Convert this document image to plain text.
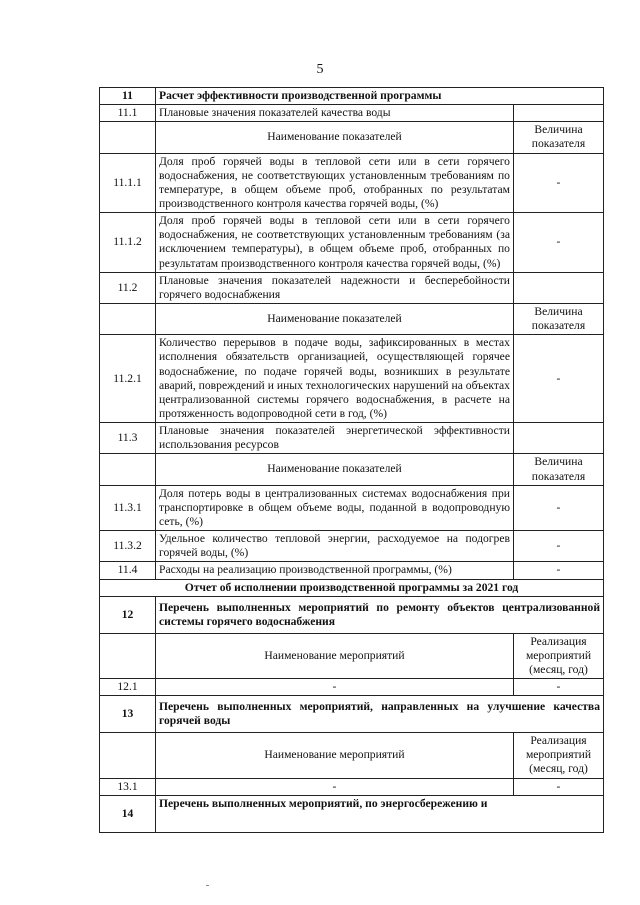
5
11	Расчет эффективности производственной программы	
11.1	Плановые значения показателей качества воды	
	Наименование показателей	Величина показателя
11.1.1	Доля проб горячей воды в тепловой сети или в сети горячего водоснабжения, не соответствующих установленным требованиям по температуре, в общем объеме проб, отобранных по результатам производственного контроля качества горячей воды, (%)	-
11.1.2	Доля проб горячей воды в тепловой сети или в сети горячего водоснабжения, не соответствующих установленным требованиям (за исключением температуры), в общем объеме проб, отобранных по результатам производственного контроля качества горячей воды, (%)	-
11.2	Плановые значения показателей надежности и бесперебойности горячего водоснабжения	
	Наименование показателей	Величина показателя
11.2.1	Количество перерывов в подаче воды, зафиксированных в местах исполнения обязательств организацией, осуществляющей горячее водоснабжение, по подаче горячей воды, возникших в результате аварий, повреждений и иных технологических нарушений на объектах централизованной системы горячего водоснабжения, в расчете на протяженность водопроводной сети в год, (%)	-
11.3	Плановые значения показателей энергетической эффективности использования ресурсов	
	Наименование показателей	Величина показателя
11.3.1	Доля потерь воды в централизованных системах водоснабжения при транспортировке в общем объеме воды, поданной в водопроводную сеть, (%)	-
11.3.2	Удельное количество тепловой энергии, расходуемое на подогрев горячей воды, (%)	-
11.4	Расходы на реализацию производственной программы, (%)	-
Отчет об исполнении производственной программы за 2021 год		
12	Перечень выполненных мероприятий по ремонту объектов централизованной системы горячего водоснабжения	
	Наименование мероприятий	Реализация мероприятий (месяц, год)
12.1	-	-
13	Перечень выполненных мероприятий, направленных на улучшение качества горячей воды	
	Наименование мероприятий	Реализация мероприятий (месяц, год)
13.1	-	-
14	Перечень выполненных мероприятий, по энергосбережению и	
